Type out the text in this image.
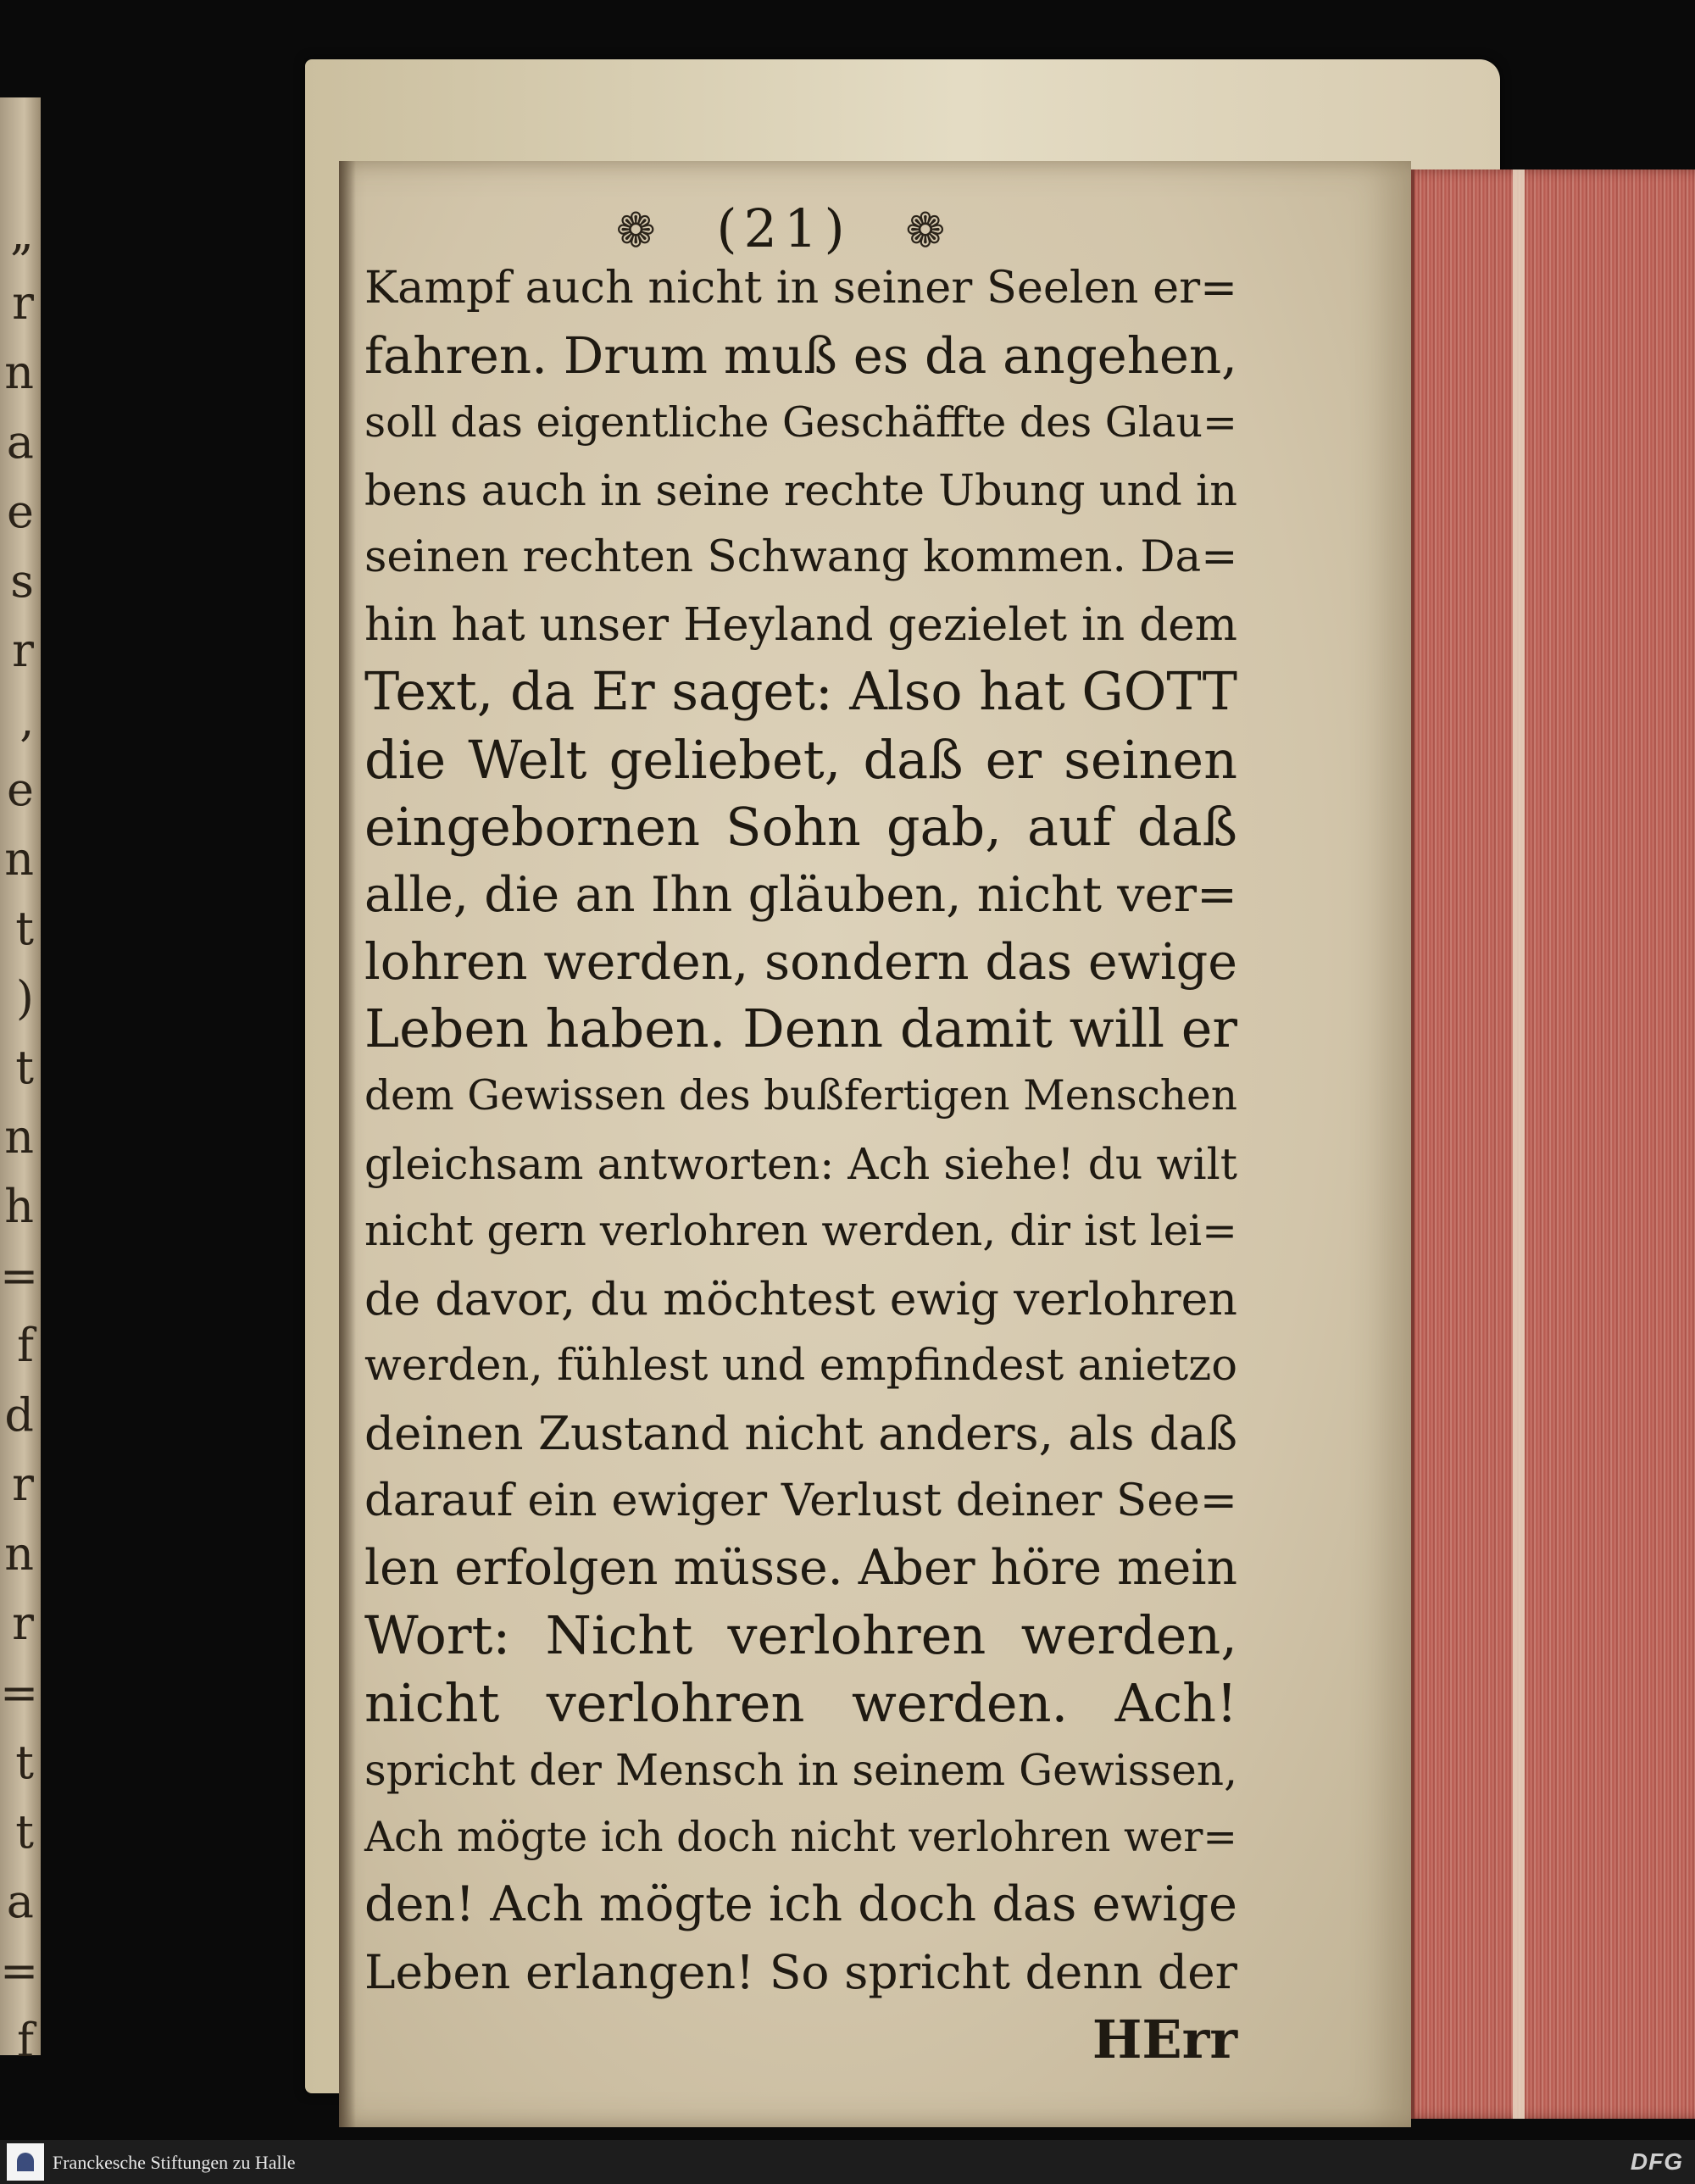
„
r
n
a
e
s
r
‚
e
n
t
)
t
n
h
=
f
d
r
n
r
=
t
t
a
=
f
❁ (21) ❁
Kampf auch nicht in seiner Seelen er=
fahren. Drum muß es da angehen,
soll das eigentliche Geschäffte des Glau=
bens auch in seine rechte Ubung und in
seinen rechten Schwang kommen. Da=
hin hat unser Heyland gezielet in dem
Text, da Er saget: Also hat GOTT
die Welt geliebet, daß er seinen
eingebornen Sohn gab, auf daß
alle, die an Ihn gläuben, nicht ver=
lohren werden, sondern das ewige
Leben haben. Denn damit will er
dem Gewissen des bußfertigen Menschen
gleichsam antworten: Ach siehe! du wilt
nicht gern verlohren werden, dir ist lei=
de davor, du möchtest ewig verlohren
werden, fühlest und empfindest anietzo
deinen Zustand nicht anders, als daß
darauf ein ewiger Verlust deiner See=
len erfolgen müsse. Aber höre mein
Wort: Nicht verlohren werden,
nicht verlohren werden. Ach!
spricht der Mensch in seinem Gewissen,
Ach mögte ich doch nicht verlohren wer=
den! Ach mögte ich doch das ewige
Leben erlangen! So spricht denn der
HErr
Franckesche Stiftungen zu Halle	DFG
